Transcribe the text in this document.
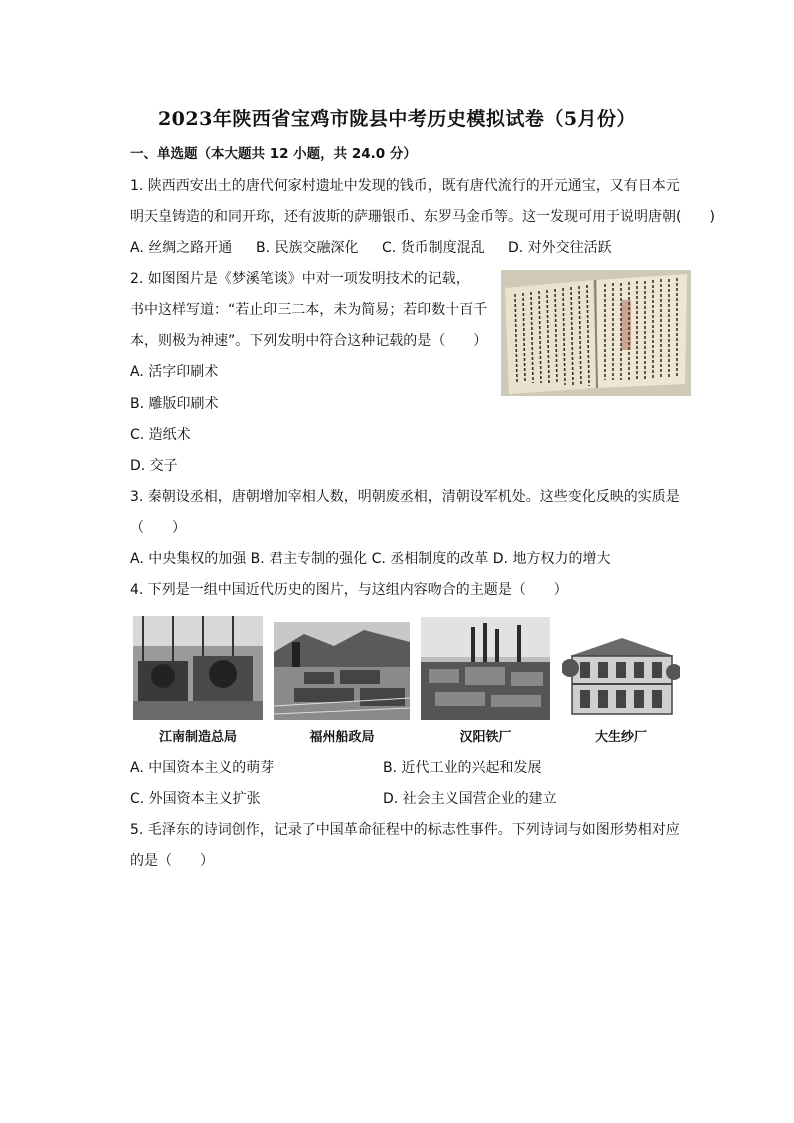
2023年陕西省宝鸡市陇县中考历史模拟试卷（5月份）
一、单选题（本大题共 12 小题，共 24.0 分）
1. 陕西西安出土的唐代何家村遗址中发现的钱币，既有唐代流行的开元通宝，又有日本元
明天皇铸造的和同开珎，还有波斯的萨珊银币、东罗马金币等。这一发现可用于说明唐朝(　　)
A. 丝绸之路开通 B. 民族交融深化 C. 货币制度混乱 D. 对外交往活跃
2. 如图图片是《梦溪笔谈》中对一项发明技术的记载，
书中这样写道：“若止印三二本，未为简易；若印数十百千
本，则极为神速”。下列发明中符合这种记载的是（　　）
A. 活字印刷术
B. 雕版印刷术
C. 造纸术
D. 交子
3. 秦朝设丞相，唐朝增加宰相人数，明朝废丞相，清朝设军机处。这些变化反映的实质是
（　　）
A. 中央集权的加强 B. 君主专制的强化 C. 丞相制度的改革 D. 地方权力的增大
4. 下列是一组中国近代历史的图片，与这组内容吻合的主题是（　　）
江南制造总局	福州船政局	汉阳铁厂	大生纱厂
A. 中国资本主义的萌芽	B. 近代工业的兴起和发展
C. 外国资本主义扩张	D. 社会主义国营企业的建立
5. 毛泽东的诗词创作，记录了中国革命征程中的标志性事件。下列诗词与如图形势相对应
的是（　　）
